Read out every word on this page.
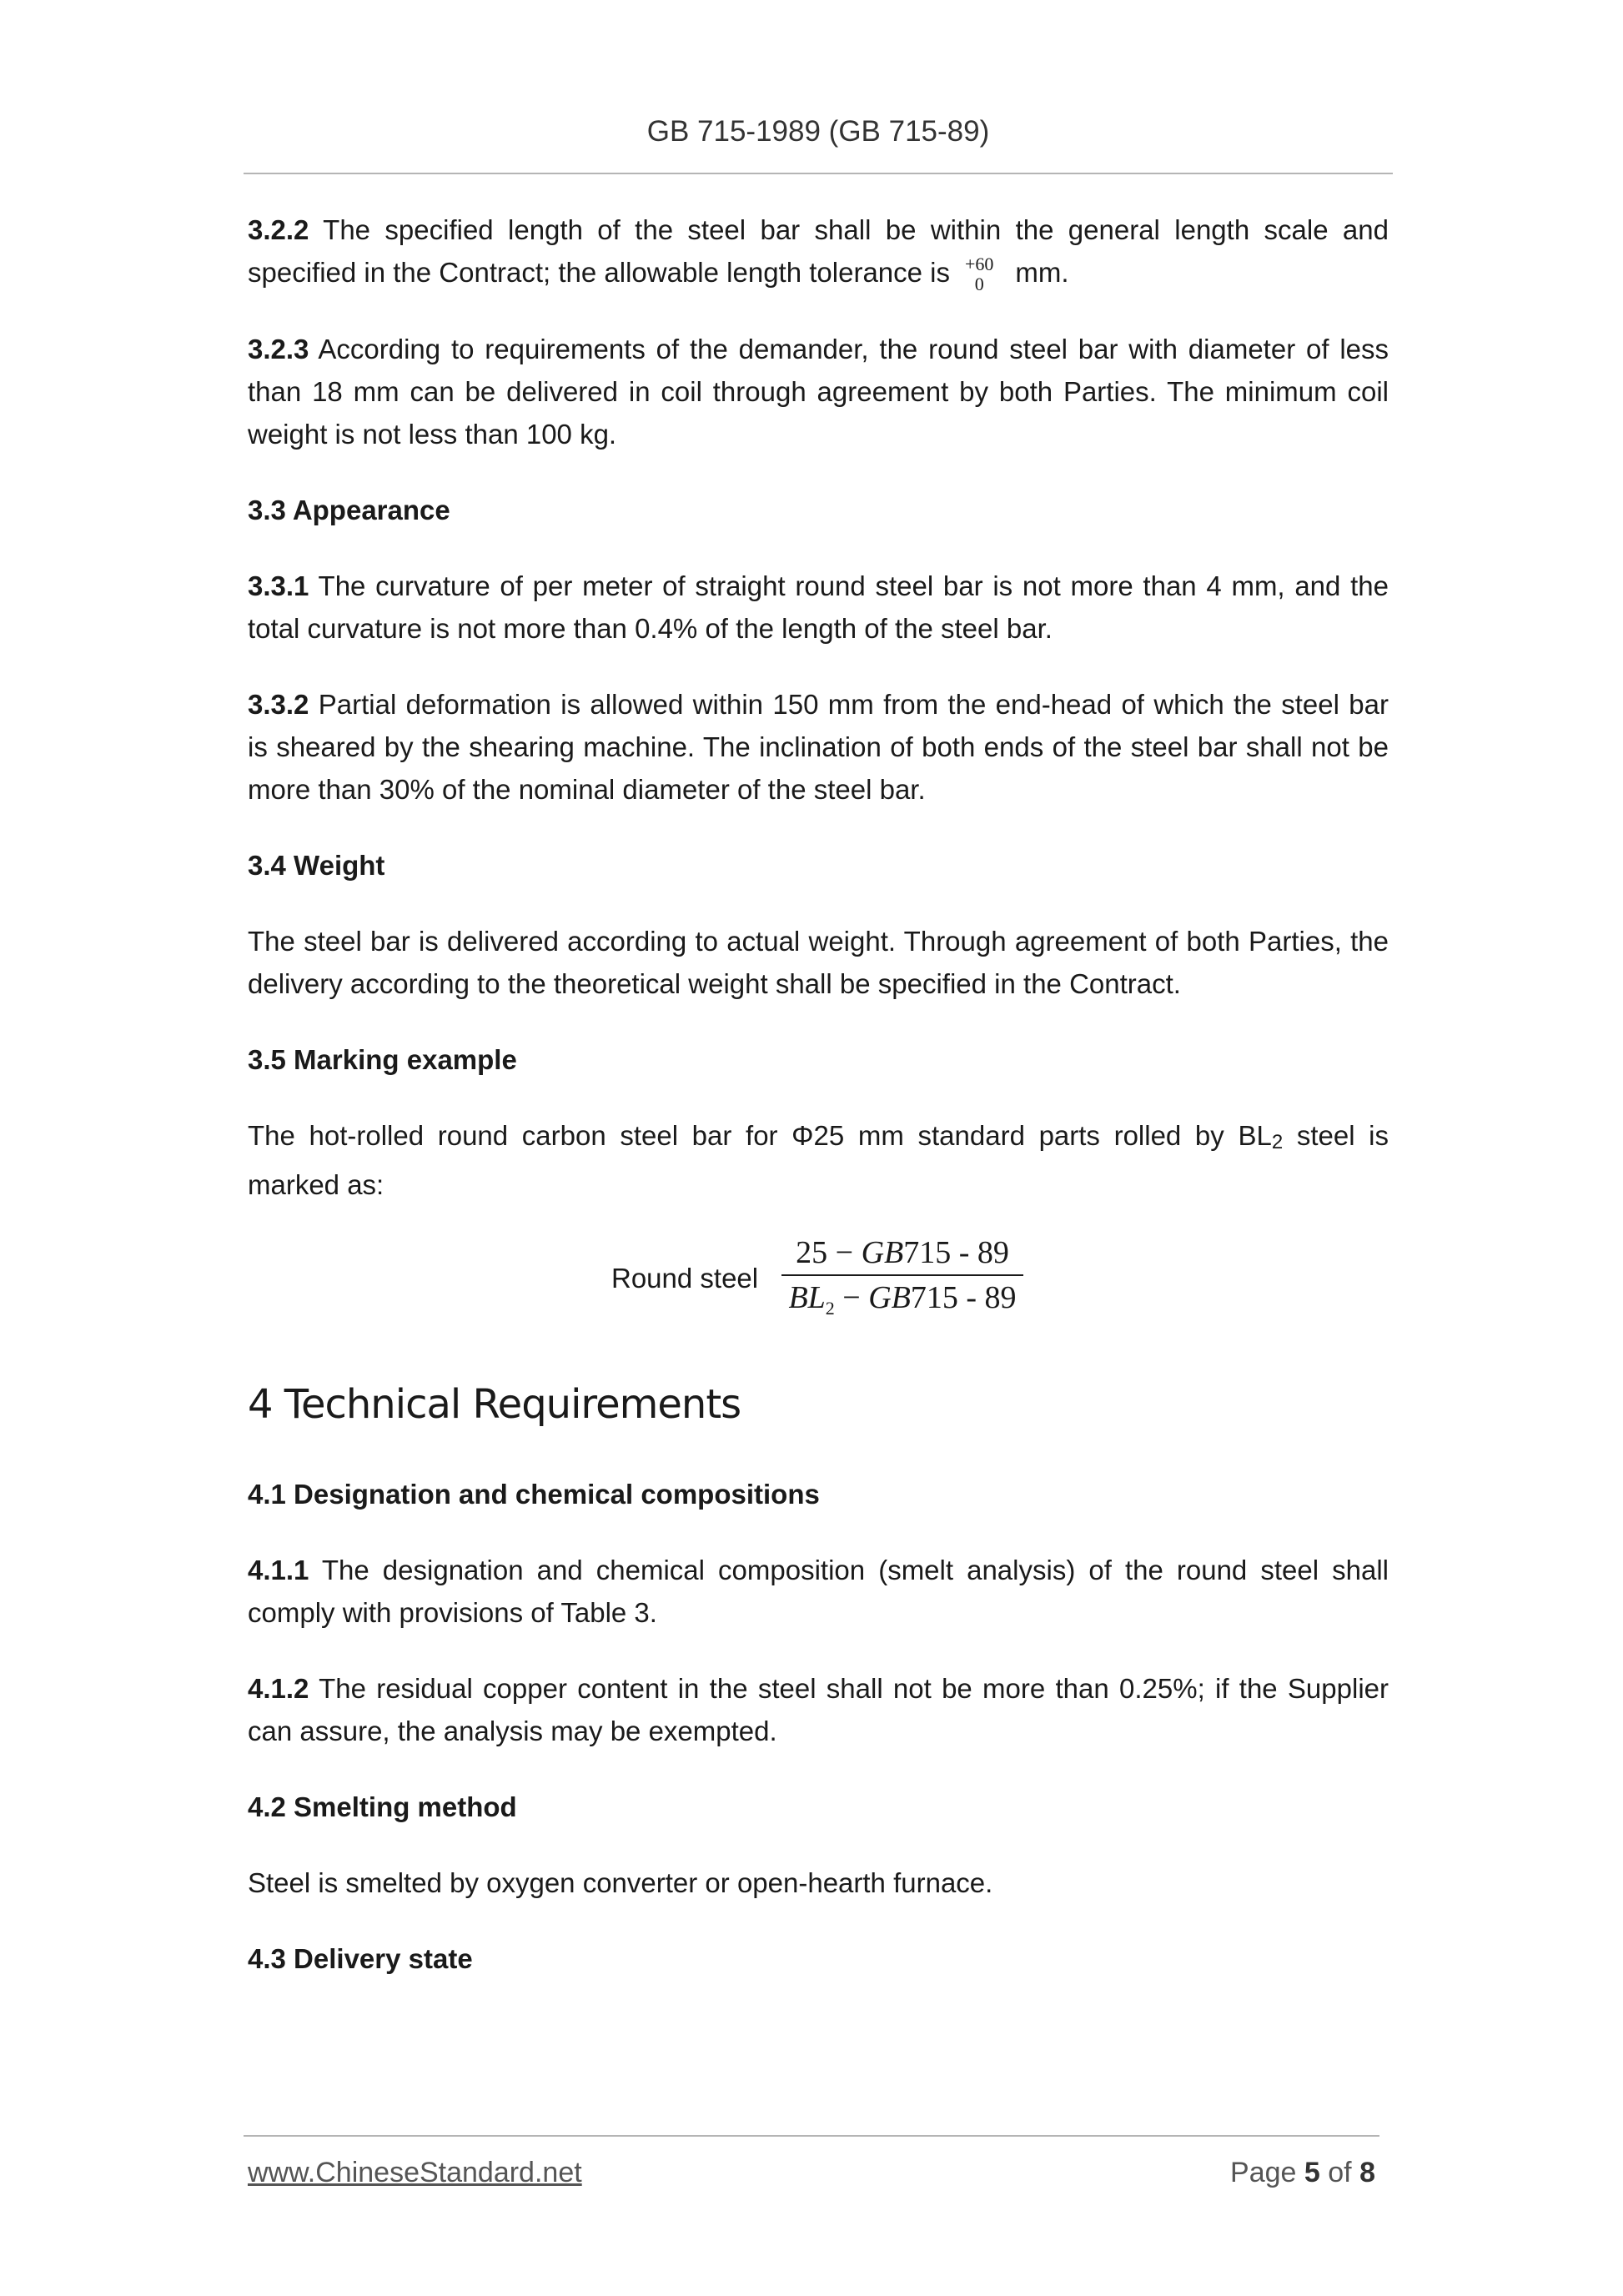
GB 715-1989 (GB 715-89)

3.2.2 The specified length of the steel bar shall be within the general length scale and specified in the Contract; the allowable length tolerance is +60
0	mm.

3.2.3 According to requirements of the demander, the round steel bar with diameter of less than 18 mm can be delivered in coil through agreement by both Parties. The minimum coil weight is not less than 100 kg.

3.3 Appearance

3.3.1 The curvature of per meter of straight round steel bar is not more than 4 mm, and the total curvature is not more than 0.4% of the length of the steel bar.

3.3.2 Partial deformation is allowed within 150 mm from the end-head of which the steel bar is sheared by the shearing machine. The inclination of both ends of the steel bar shall not be more than 30% of the nominal diameter of the steel bar.

3.4 Weight

The steel bar is delivered according to actual weight. Through agreement of both Parties, the delivery according to the theoretical weight shall be specified in the Contract.

3.5 Marking example

The hot-rolled round carbon steel bar for Φ25 mm standard parts rolled by BL2 steel is marked as:

Round steel $\frac{25 - GB715 - 89}{BL_2 - GB715 - 89}$
4 Technical Requirements
4.1 Designation and chemical compositions

4.1.1 The designation and chemical composition (smelt analysis) of the round steel shall comply with provisions of Table 3.

4.1.2 The residual copper content in the steel shall not be more than 0.25%; if the Supplier can assure, the analysis may be exempted.

4.2 Smelting method

Steel is smelted by oxygen converter or open-hearth furnace.

4.3 Delivery state
www.ChineseStandard.net	Page 5 of 8
